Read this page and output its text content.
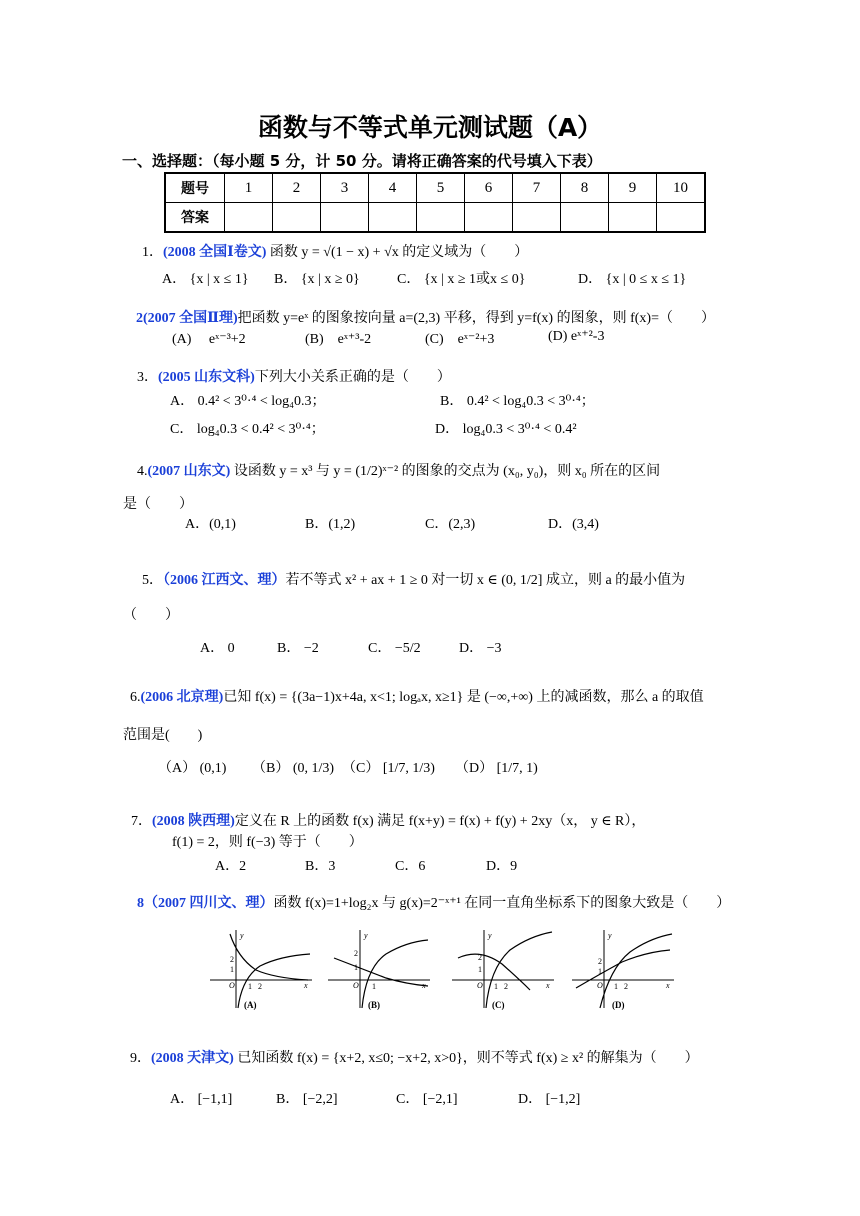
函数与不等式单元测试题（A）
一、选择题：（每小题 5 分，计 50 分。请将正确答案的代号填入下表）
题号	1	2	3	4	5	6	7	8	9	10
答案										
1．(2008 全国Ⅰ卷文) 函数 y = √(1 − x) + √x 的定义域为（　　）
A． {x | x ≤ 1} B． {x | x ≥ 0}	C． {x | x ≥ 1或x ≤ 0}	D． {x | 0 ≤ x ≤ 1}
2(2007 全国Ⅱ理)把函数 y=eˣ 的图象按向量 a=(2,3) 平移，得到 y=f(x) 的图象，则 f(x)=（　　）
(A)　 eˣ⁻³+2	(B)　eˣ⁺³-2	(C)　eˣ⁻²+3	(D) eˣ⁺²-3
3．(2005 山东文科)下列大小关系正确的是（　　）
A． 0.4² < 3⁰·⁴ < log₄0.3；	B． 0.4² < log₄0.3 < 3⁰·⁴；
C． log₄0.3 < 0.4² < 3⁰·⁴；	D． log₄0.3 < 3⁰·⁴ < 0.4²
4.(2007 山东文) 设函数 y = x³ 与 y = (1/2)ˣ⁻² 的图象的交点为 (x₀, y₀)，则 x₀ 所在的区间
是（　　）
A．(0,1)	B．(1,2)	C．(2,3)	D．(3,4)
5．（2006 江西文、理）若不等式 x² + ax + 1 ≥ 0 对一切 x ∈ (0, 1/2] 成立，则 a 的最小值为
（　　）
A． 0	B． −2	C． −5/2	D． −3
6.(2006 北京理)已知 f(x) = {(3a−1)x+4a, x<1; logₐx, x≥1} 是 (−∞,+∞) 上的减函数，那么 a 的取值
范围是(　　)
（A） (0,1) （B） (0, 1/3) （C） [1/7, 1/3) （D） [1/7, 1)
7．(2008 陕西理)定义在 R 上的函数 f(x) 满足 f(x+y) = f(x) + f(y) + 2xy（x， y ∈ R），
f(1) = 2，则 f(−3) 等于（　　）
A．2	B．3	C．6	D．9
8（2007 四川文、理）函数 f(x)=1+log₂x 与 g(x)=2⁻ˣ⁺¹ 在同一直角坐标系下的图象大致是（　　）
y
x
O
2
1
1 2
(A)
y
x
O
2
1
1
(B)
y
x
O
2
1
1 2
(C)
y
x
O
2
1
1 2
(D)
9．(2008 天津文) 已知函数 f(x) = {x+2, x≤0; −x+2, x>0}，则不等式 f(x) ≥ x² 的解集为（　　）
A． [−1,1]	B． [−2,2]	C． [−2,1]	D． [−1,2]
